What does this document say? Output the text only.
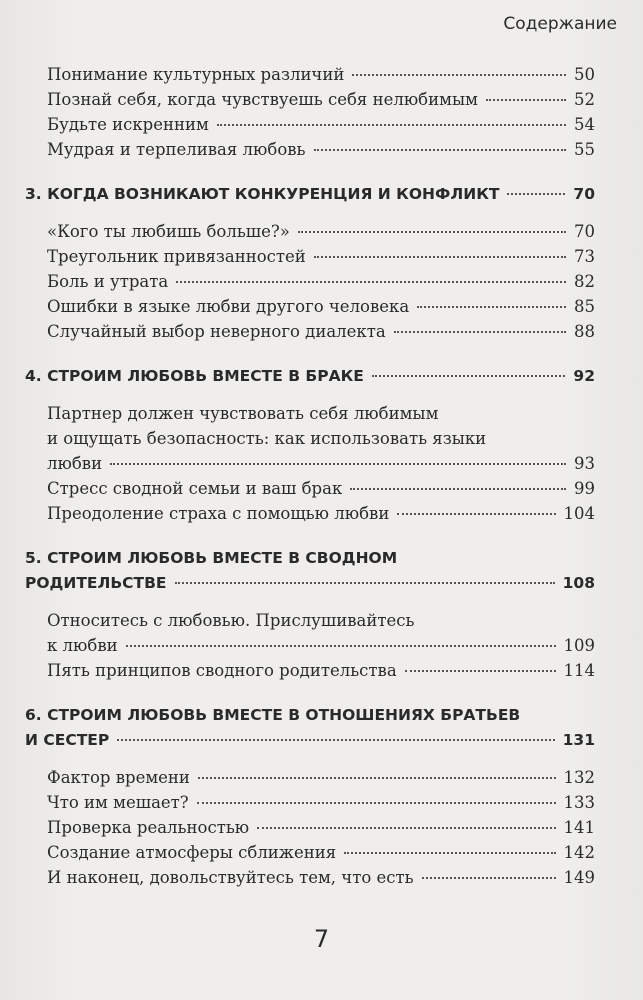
Содержание
Понимание культурных различий	50
Познай себя, когда чувствуешь себя нелюбимым	52
Будьте искренним	54
Мудрая и терпеливая любовь	55
3. КОГДА ВОЗНИКАЮТ КОНКУРЕНЦИЯ И КОНФЛИКТ	70
«Кого ты любишь больше?»	70
Треугольник привязанностей	73
Боль и утрата	82
Ошибки в языке любви другого человека	85
Случайный выбор неверного диалекта	88
4. СТРОИМ ЛЮБОВЬ ВМЕСТЕ В БРАКЕ	92
Партнер должен чувствовать себя любимым
и ощущать безопасность: как использовать языки
любви	93
Стресс сводной семьи и ваш брак	99
Преодоление страха с помощью любви	104
5. СТРОИМ ЛЮБОВЬ ВМЕСТЕ В СВОДНОМ
РОДИТЕЛЬСТВЕ	108
Относитесь с любовью. Прислушивайтесь
к любви	109
Пять принципов сводного родительства	114
6. СТРОИМ ЛЮБОВЬ ВМЕСТЕ В ОТНОШЕНИЯХ БРАТЬЕВ
И СЕСТЕР	131
Фактор времени	132
Что им мешает?	133
Проверка реальностью	141
Создание атмосферы сближения	142
И наконец, довольствуйтесь тем, что есть	149
7
